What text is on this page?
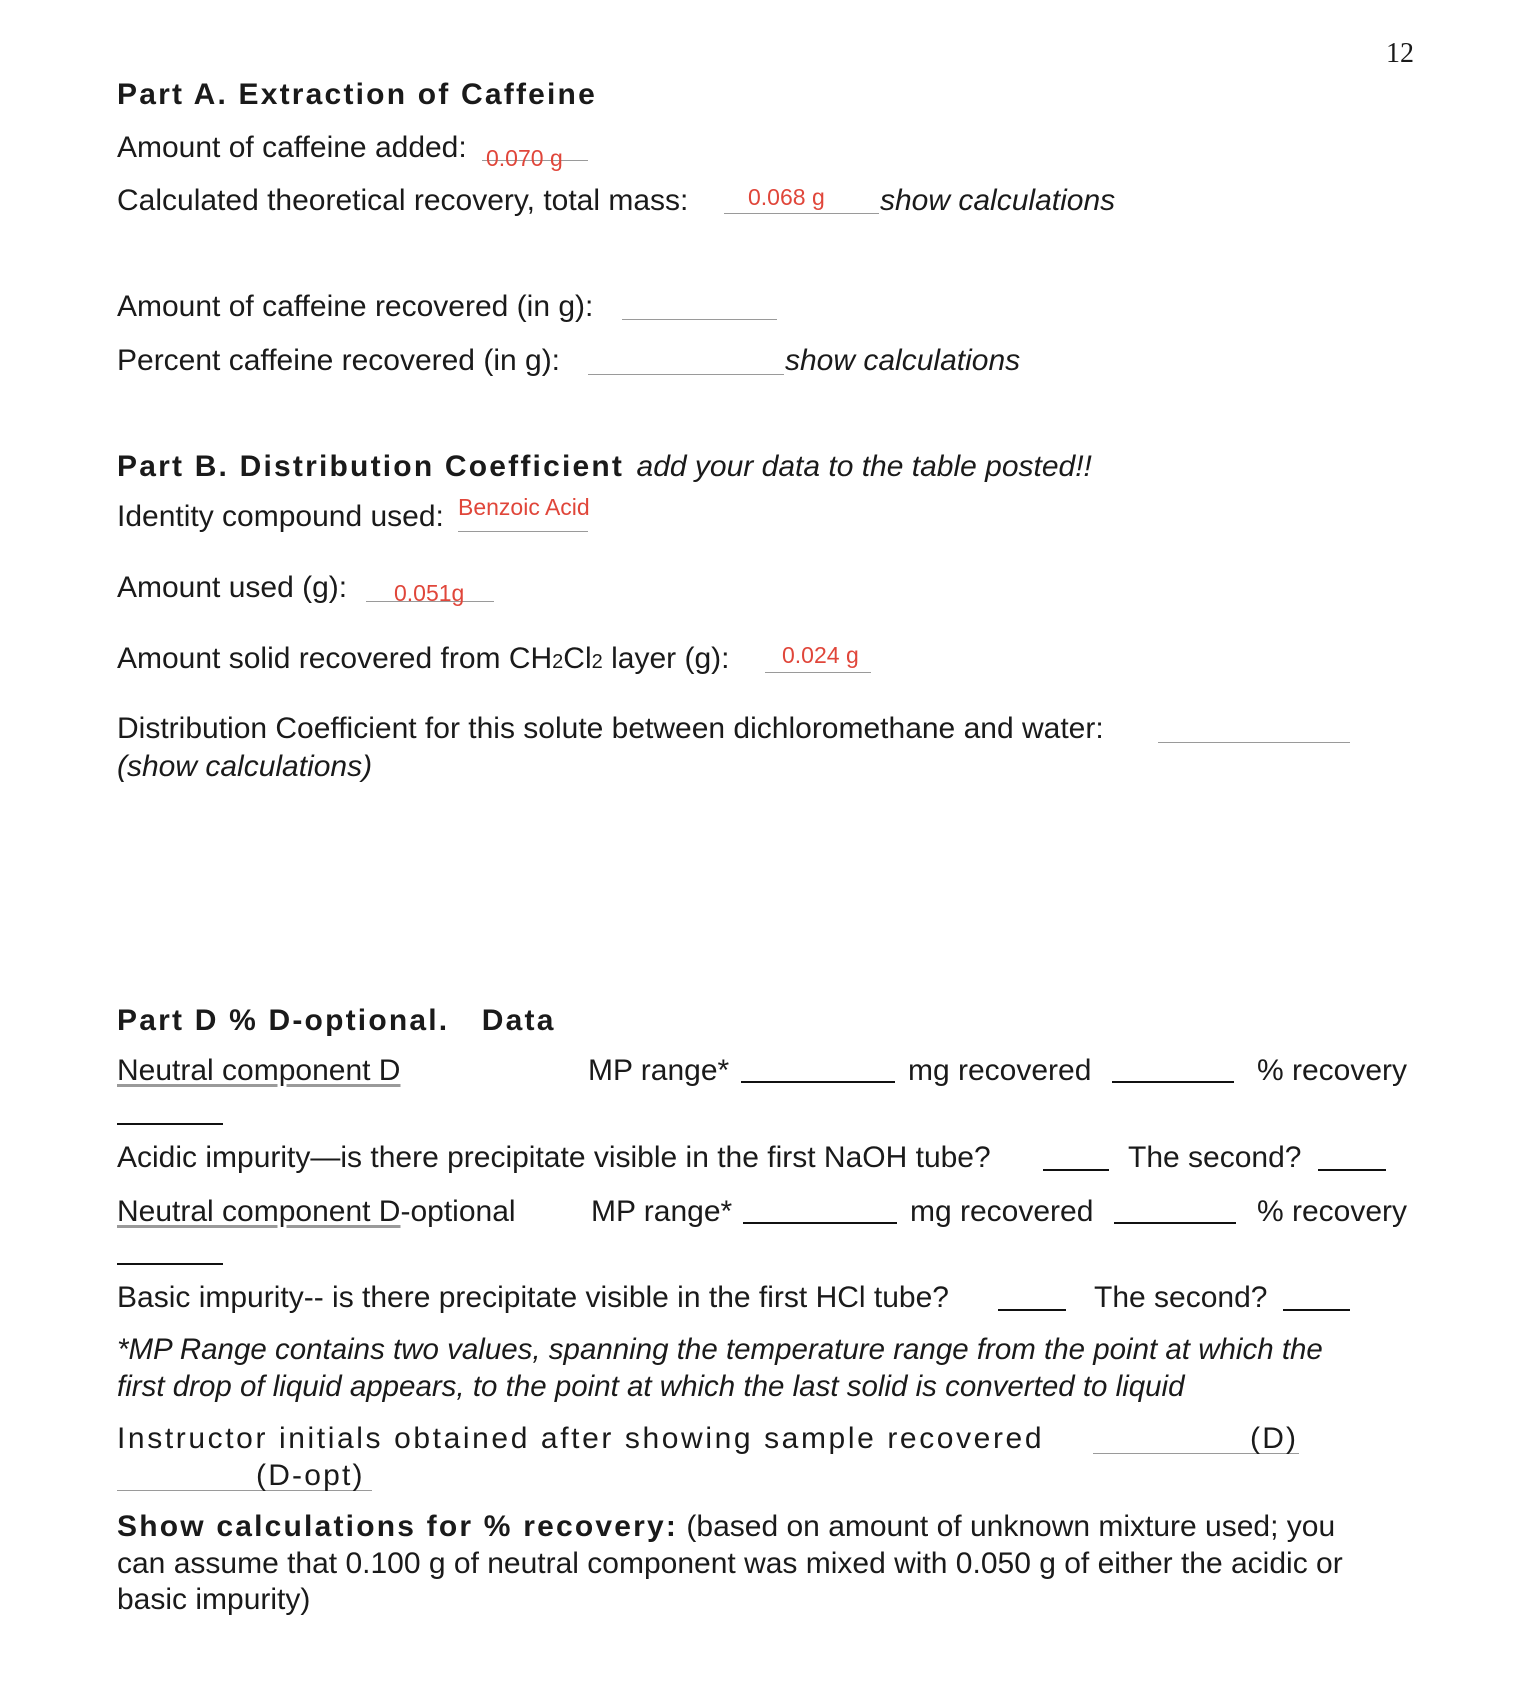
12
Part A. Extraction of Caffeine
Amount of caffeine added: 0.070 g
Calculated theoretical recovery, total mass:	0.068 g show calculations
Amount of caffeine recovered (in g):
Percent caffeine recovered (in g):	show calculations
Part B. Distribution Coefficient add your data to the table posted!!
Identity compound used: Benzoic Acid
Amount used (g): 0.051g
Amount solid recovered from CH2Cl2 layer (g): 0.024 g
Distribution Coefficient for this solute between dichloromethane and water:
(show calculations)
Part D % D-optional. Data
Neutral component D	MP range*	mg recovered	% recovery
Acidic impurity—is there precipitate visible in the first NaOH tube?	The second?
Neutral component D-optional	MP range*	mg recovered	% recovery
Basic impurity-- is there precipitate visible in the first HCl tube?	The second?
*MP Range contains two values, spanning the temperature range from the point at which the
first drop of liquid appears, to the point at which the last solid is converted to liquid
Instructor initials obtained after showing sample recovered	(D)
(D-opt)
Show calculations for % recovery: (based on amount of unknown mixture used; you
can assume that 0.100 g of neutral component was mixed with 0.050 g of either the acidic or
basic impurity)
